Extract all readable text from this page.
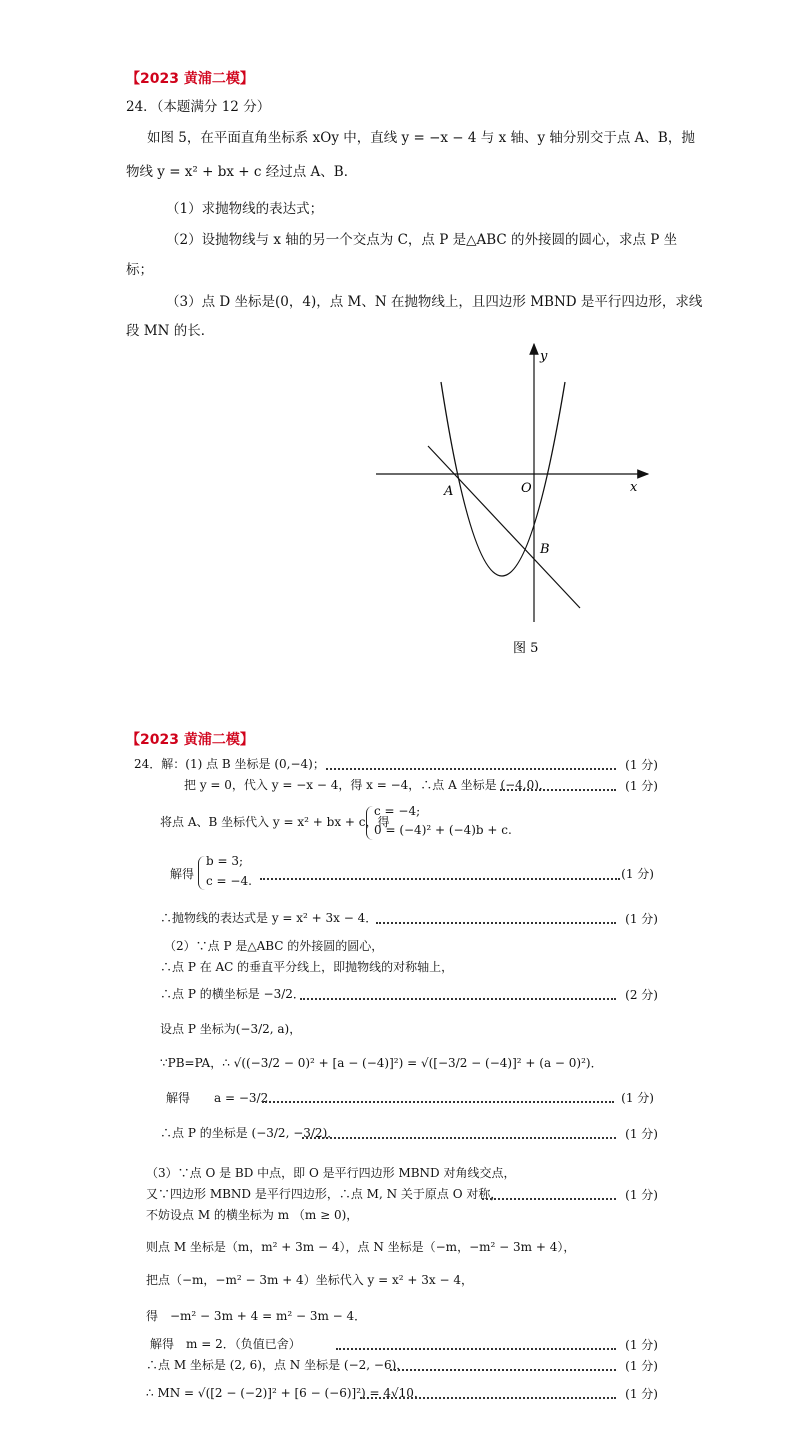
【2023 黄浦二模】
24．（本题满分 12 分）
如图 5，在平面直角坐标系 xOy 中，直线 y = −x − 4 与 x 轴、y 轴分别交于点 A、B，抛
物线 y = x² + bx + c 经过点 A、B．
（1）求抛物线的表达式；
（2）设抛物线与 x 轴的另一个交点为 C，点 P 是△ABC 的外接圆的圆心，求点 P 坐
标；
（3）点 D 坐标是(0，4)，点 M、N 在抛物线上，且四边形 MBND 是平行四边形，求线
段 MN 的长．
y
x
O
A
B
图 5
【2023 黄浦二模】
24．解：(1) 点 B 坐标是 (0,−4)；	(1 分)
把 y = 0，代入 y = −x − 4，得 x = −4，∴点 A 坐标是 (−4,0)．	(1 分)
将点 A、B 坐标代入 y = x² + bx + c，得
c = −4;
0 = (−4)² + (−4)b + c.
解得
b = 3;
c = −4.	(1 分)
∴抛物线的表达式是 y = x² + 3x − 4．	(1 分)
（2）∵点 P 是△ABC 的外接圆的圆心，
∴点 P 在 AC 的垂直平分线上，即抛物线的对称轴上，
∴点 P 的横坐标是 −3/2．	(2 分)
设点 P 坐标为(−3/2, a)，
∵PB=PA，∴ √((−3/2 − 0)² + [a − (−4)]²) = √([−3/2 − (−4)]² + (a − 0)²)．
解得　　a = −3/2．	(1 分)
∴点 P 的坐标是 (−3/2, −3/2)．	(1 分)
（3）∵点 O 是 BD 中点，即 O 是平行四边形 MBND 对角线交点，
又∵四边形 MBND 是平行四边形，∴点 M, N 关于原点 O 对称，	(1 分)
不妨设点 M 的横坐标为 m （m ≥ 0)，
则点 M 坐标是（m，m² + 3m − 4），点 N 坐标是（−m，−m² − 3m + 4），
把点（−m，−m² − 3m + 4）坐标代入 y = x² + 3x − 4，
得　−m² − 3m + 4 = m² − 3m − 4．
解得　m = 2．（负值已舍）	(1 分)
∴点 M 坐标是 (2, 6)，点 N 坐标是 (−2, −6)，	(1 分)
∴ MN = √([2 − (−2)]² + [6 − (−6)]²) = 4√10．	(1 分)
